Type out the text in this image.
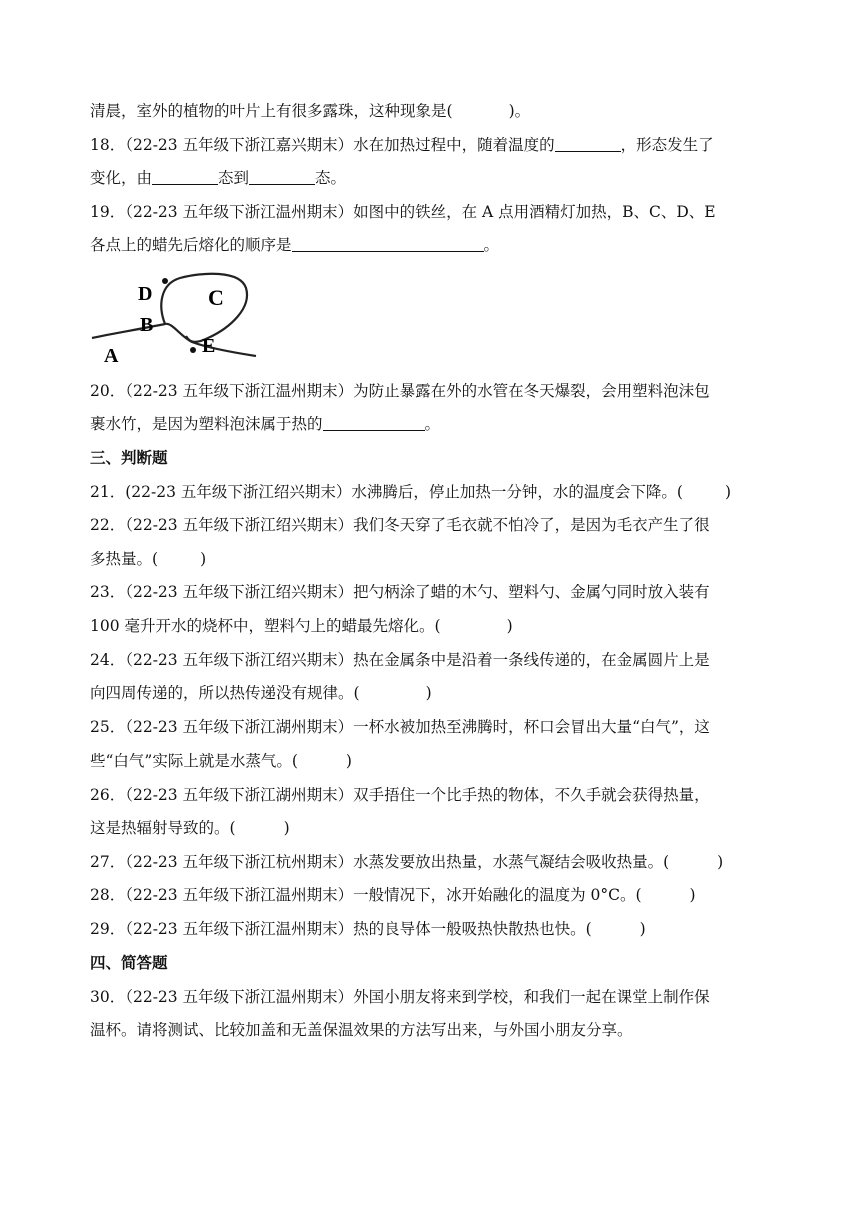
清晨，室外的植物的叶片上有很多露珠，这种现象是(	)。
18．（22-23 五年级下浙江嘉兴期末）水在加热过程中，随着温度的	，形态发生了
变化，由	态到	态。
19．（22-23 五年级下浙江温州期末）如图中的铁丝，在 A 点用酒精灯加热，B、C、D、E
各点上的蜡先后熔化的顺序是	。
D	C
B
A	E
20．（22-23 五年级下浙江温州期末）为防止暴露在外的水管在冬天爆裂，会用塑料泡沫包
裹水竹，是因为塑料泡沫属于热的	。
三、判断题
21．(22-23 五年级下浙江绍兴期末）水沸腾后，停止加热一分钟，水的温度会下降。(	)
22．（22-23 五年级下浙江绍兴期末）我们冬天穿了毛衣就不怕冷了，是因为毛衣产生了很
多热量。(	)
23．（22-23 五年级下浙江绍兴期末）把勺柄涂了蜡的木勺、塑料勺、金属勺同时放入装有
100 毫升开水的烧杯中，塑料勺上的蜡最先熔化。(	)
24．（22-23 五年级下浙江绍兴期末）热在金属条中是沿着一条线传递的，在金属圆片上是
向四周传递的，所以热传递没有规律。(	)
25．（22-23 五年级下浙江湖州期末）一杯水被加热至沸腾时，杯口会冒出大量“白气”，这
些“白气”实际上就是水蒸气。(	)
26．（22-23 五年级下浙江湖州期末）双手捂住一个比手热的物体，不久手就会获得热量，
这是热辐射导致的。(	)
27．（22-23 五年级下浙江杭州期末）水蒸发要放出热量，水蒸气凝结会吸收热量。(	)
28．（22-23 五年级下浙江温州期末）一般情况下，冰开始融化的温度为 0°C。(	)
29．（22-23 五年级下浙江温州期末）热的良导体一般吸热快散热也快。(	)
四、简答题
30．（22-23 五年级下浙江温州期末）外国小朋友将来到学校，和我们一起在课堂上制作保
温杯。请将测试、比较加盖和无盖保温效果的方法写出来，与外国小朋友分享。
